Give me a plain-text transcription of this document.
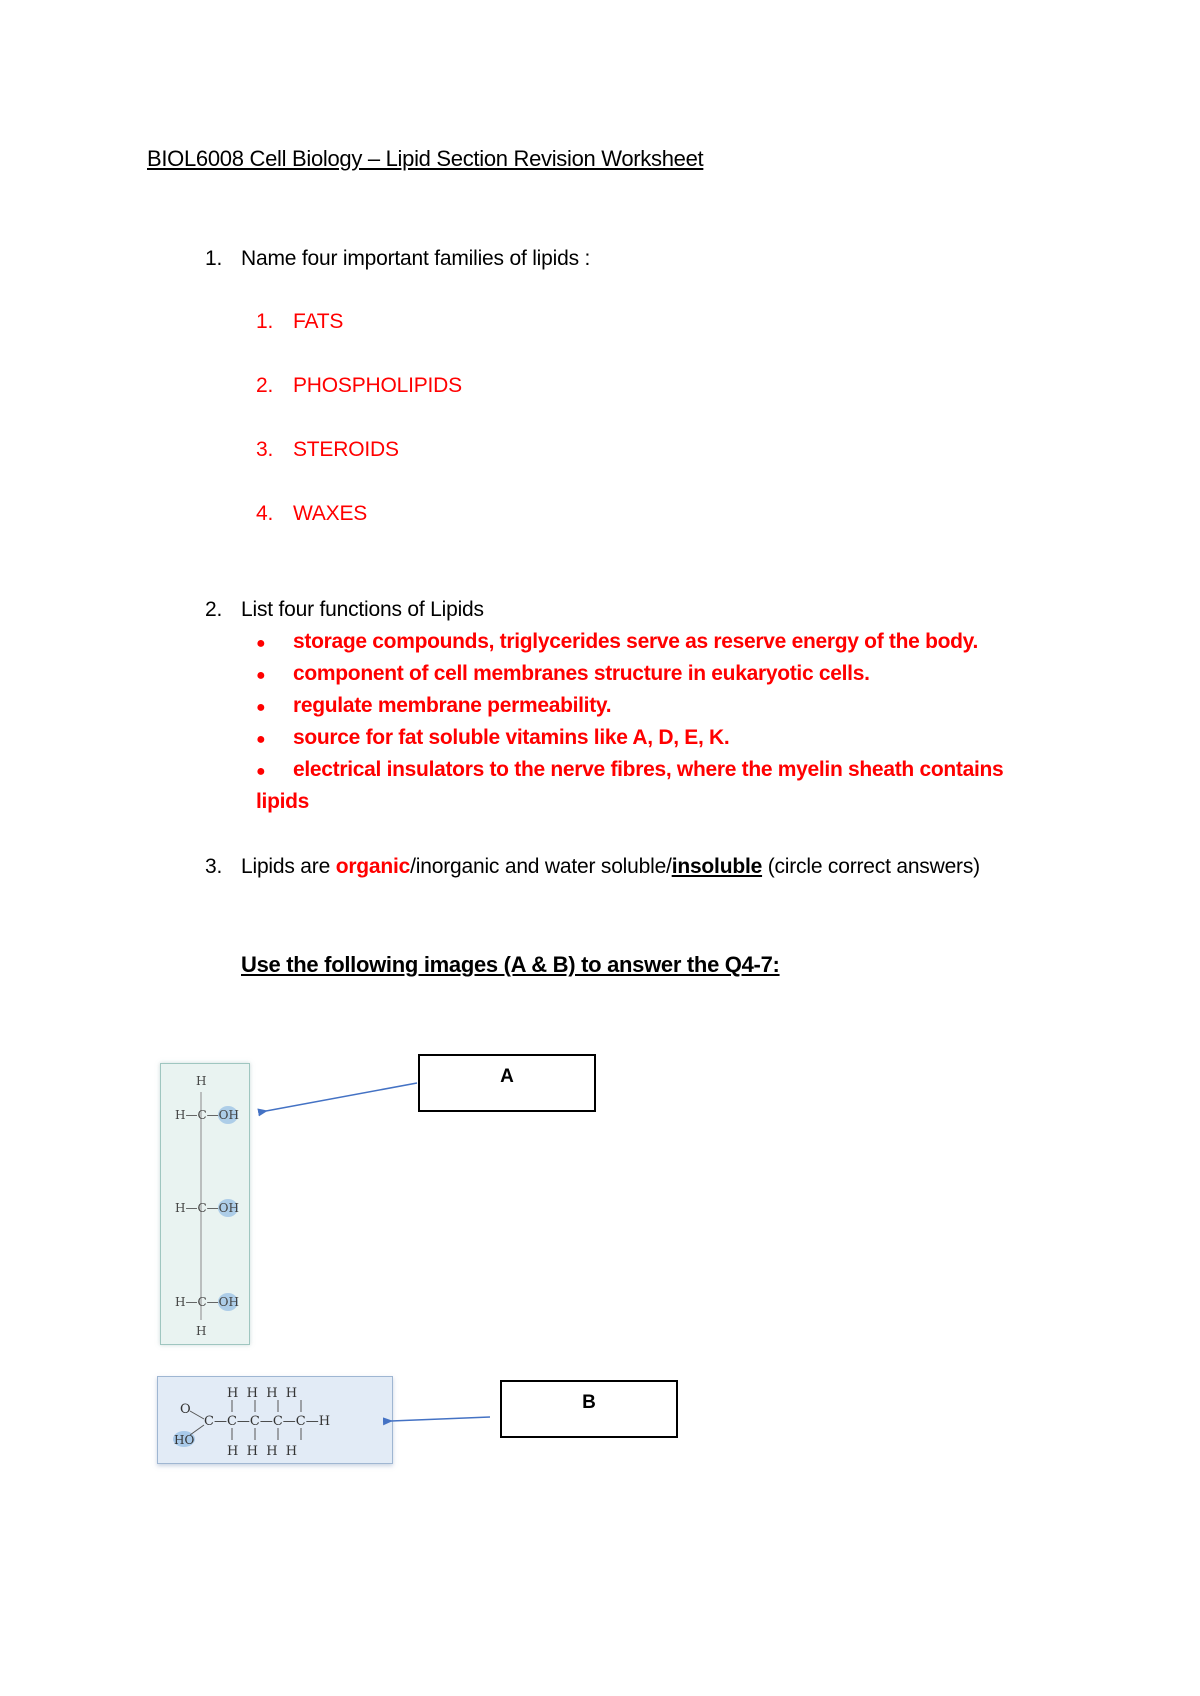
BIOL6008 Cell Biology – Lipid Section Revision Worksheet
1. Name four important families of lipids :
1. FATS
2. PHOSPHOLIPIDS
3. STEROIDS
4. WAXES
2. List four functions of Lipids
● storage compounds, triglycerides serve as reserve energy of the body.
● component of cell membranes structure in eukaryotic cells.
● regulate membrane permeability.
● source for fat soluble vitamins like A, D, E, K.
● electrical insulators to the nerve fibres, where the myelin sheath contains
lipids
3. Lipids are organic/inorganic and water soluble/insoluble (circle correct answers)
Use the following images (A & B) to answer the Q4-7:
H
H—C—OH
H—C—OH
H—C—OH
H
H  H  H  H
C—C—C—C—C—H
H  H  H  H
O
HO
A
B
